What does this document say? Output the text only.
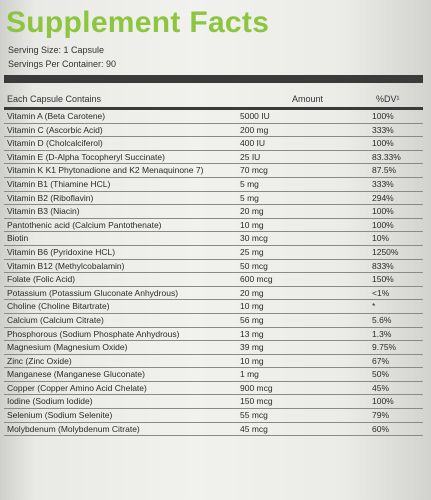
Supplement Facts
Serving Size: 1 Capsule
Servings Per Container: 90
Each Capsule Contains	Amount	%DV¹
Vitamin A (Beta Carotene)	5000 IU	100%
Vitamin C (Ascorbic Acid)	200 mg	333%
Vitamin D (Cholcalciferol)	400 IU	100%
Vitamin E (D-Alpha Tocopheryl Succinate)	25 IU	83.33%
Vitamin K K1 Phytonadione and K2 Menaquinone 7)	70 mcg	87.5%
Vitamin B1 (Thiamine HCL)	5 mg	333%
Vitamin B2 (Riboflavin)	5 mg	294%
Vitamin B3 (Niacin)	20 mg	100%
Pantothenic acid (Calcium Pantothenate)	10 mg	100%
Biotin	30 mcg	10%
Vitamin B6 (Pyridoxine HCL)	25 mg	1250%
Vitamin B12 (Methylcobalamin)	50 mcg	833%
Folate (Folic Acid)	600 mcg	150%
Potassium (Potassium Gluconate Anhydrous)	20 mg	<1%
Choline (Choline Bitartrate)	10 mg	*
Calcium (Calcium Citrate)	56 mg	5.6%
Phosphorous (Sodium Phosphate Anhydrous)	13 mg	1.3%
Magnesium (Magnesium Oxide)	39 mg	9.75%
Zinc (Zinc Oxide)	10 mg	67%
Manganese (Manganese Gluconate)	1 mg	50%
Copper (Copper Amino Acid Chelate)	900 mcg	45%
Iodine (Sodium Iodide)	150 mcg	100%
Selenium (Sodium Selenite)	55 mcg	79%
Molybdenum (Molybdenum Citrate)	45 mcg	60%
